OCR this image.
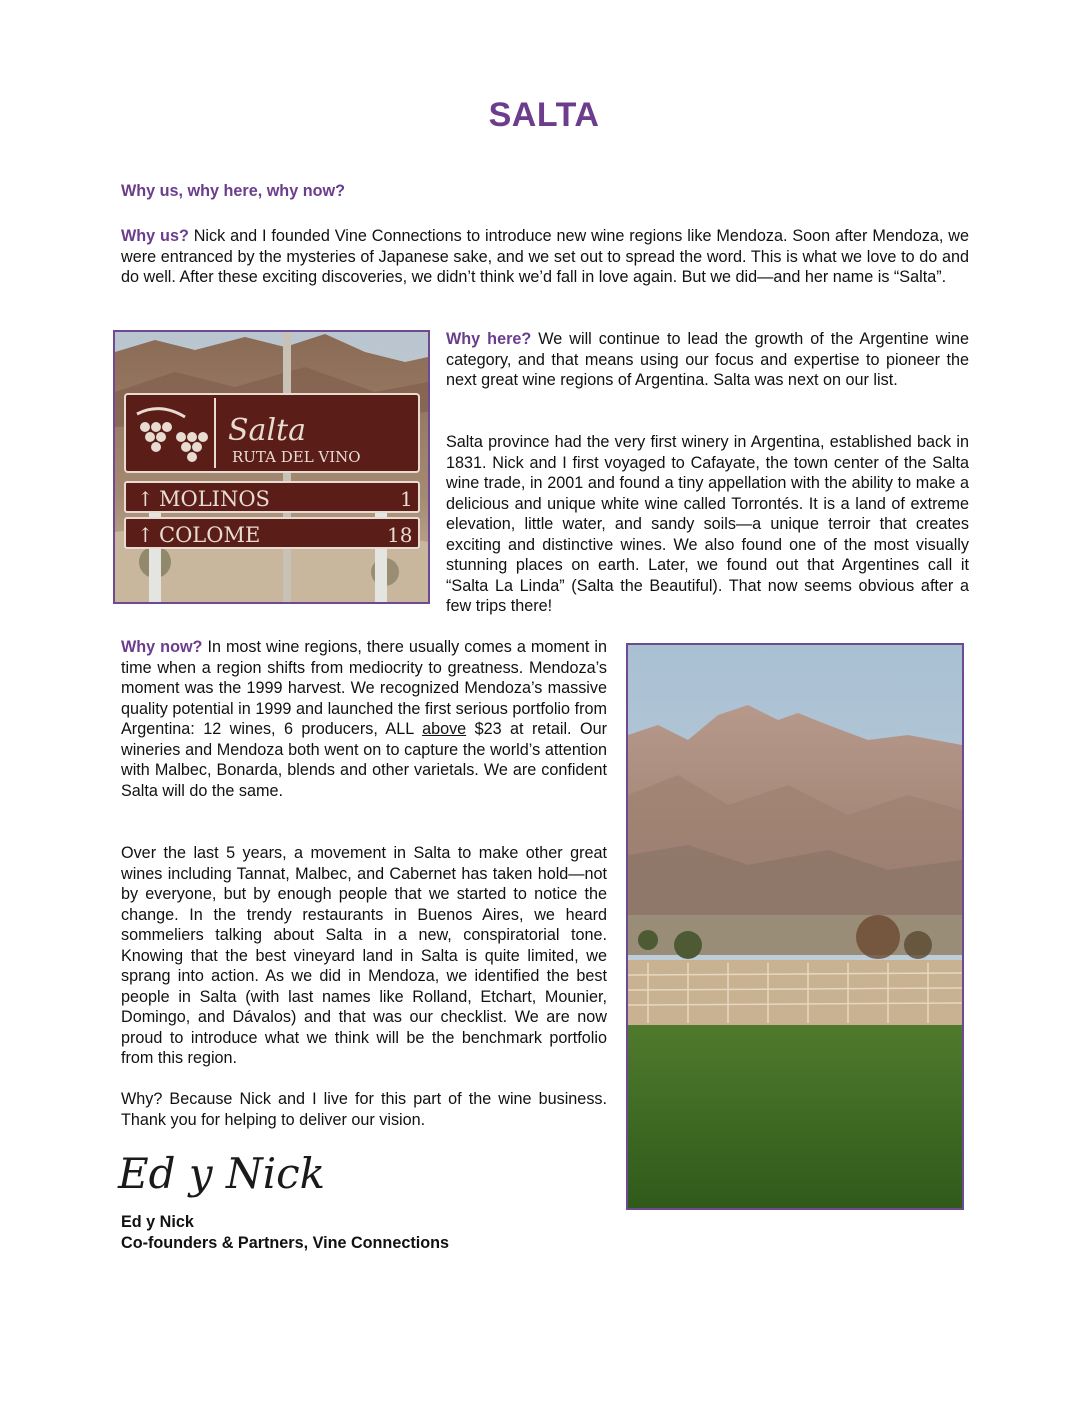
SALTA
Why us, why here, why now?

Why us? Nick and I founded Vine Connections to introduce new wine regions like Mendoza. Soon after Mendoza, we were entranced by the mysteries of Japanese sake, and we set out to spread the word. This is what we love to do and do well. After these exciting discoveries, we didn’t think we’d fall in love again. But we did—and her name is “Salta”.

Salta
RUTA DEL VINO
↑
↑
MOLINOS
COLOME
1
18

Why here? We will continue to lead the growth of the Argentine wine category, and that means using our focus and expertise to pioneer the next great wine regions of Argentina. Salta was next on our list.

Salta province had the very first winery in Argentina, established back in 1831. Nick and I first voyaged to Cafayate, the town center of the Salta wine trade, in 2001 and found a tiny appellation with the ability to make a delicious and unique white wine called Torrontés. It is a land of extreme elevation, little water, and sandy soils—a unique terroir that creates exciting and distinctive wines. We also found one of the most visually stunning places on earth. Later, we found out that Argentines call it “Salta La Linda” (Salta the Beautiful). That now seems obvious after a few trips there!

Why now? In most wine regions, there usually comes a moment in time when a region shifts from mediocrity to greatness. Mendoza’s moment was the 1999 harvest. We recognized Mendoza’s massive quality potential in 1999 and launched the first serious portfolio from Argentina: 12 wines, 6 producers, ALL above $23 at retail. Our wineries and Mendoza both went on to capture the world’s attention with Malbec, Bonarda, blends and other varietals. We are confident Salta will do the same.

Over the last 5 years, a movement in Salta to make other great wines including Tannat, Malbec, and Cabernet has taken hold—not by everyone, but by enough people that we started to notice the change. In the trendy restaurants in Buenos Aires, we heard sommeliers talking about Salta in a new, conspiratorial tone. Knowing that the best vineyard land in Salta is quite limited, we sprang into action. As we did in Mendoza, we identified the best people in Salta (with last names like Rolland, Etchart, Mounier, Domingo, and Dávalos) and that was our checklist. We are now proud to introduce what we think will be the benchmark portfolio from this region.

Why? Because Nick and I live for this part of the wine business. Thank you for helping to deliver our vision.

Ed y Nick
Ed y Nick
Co-founders & Partners, Vine Connections
